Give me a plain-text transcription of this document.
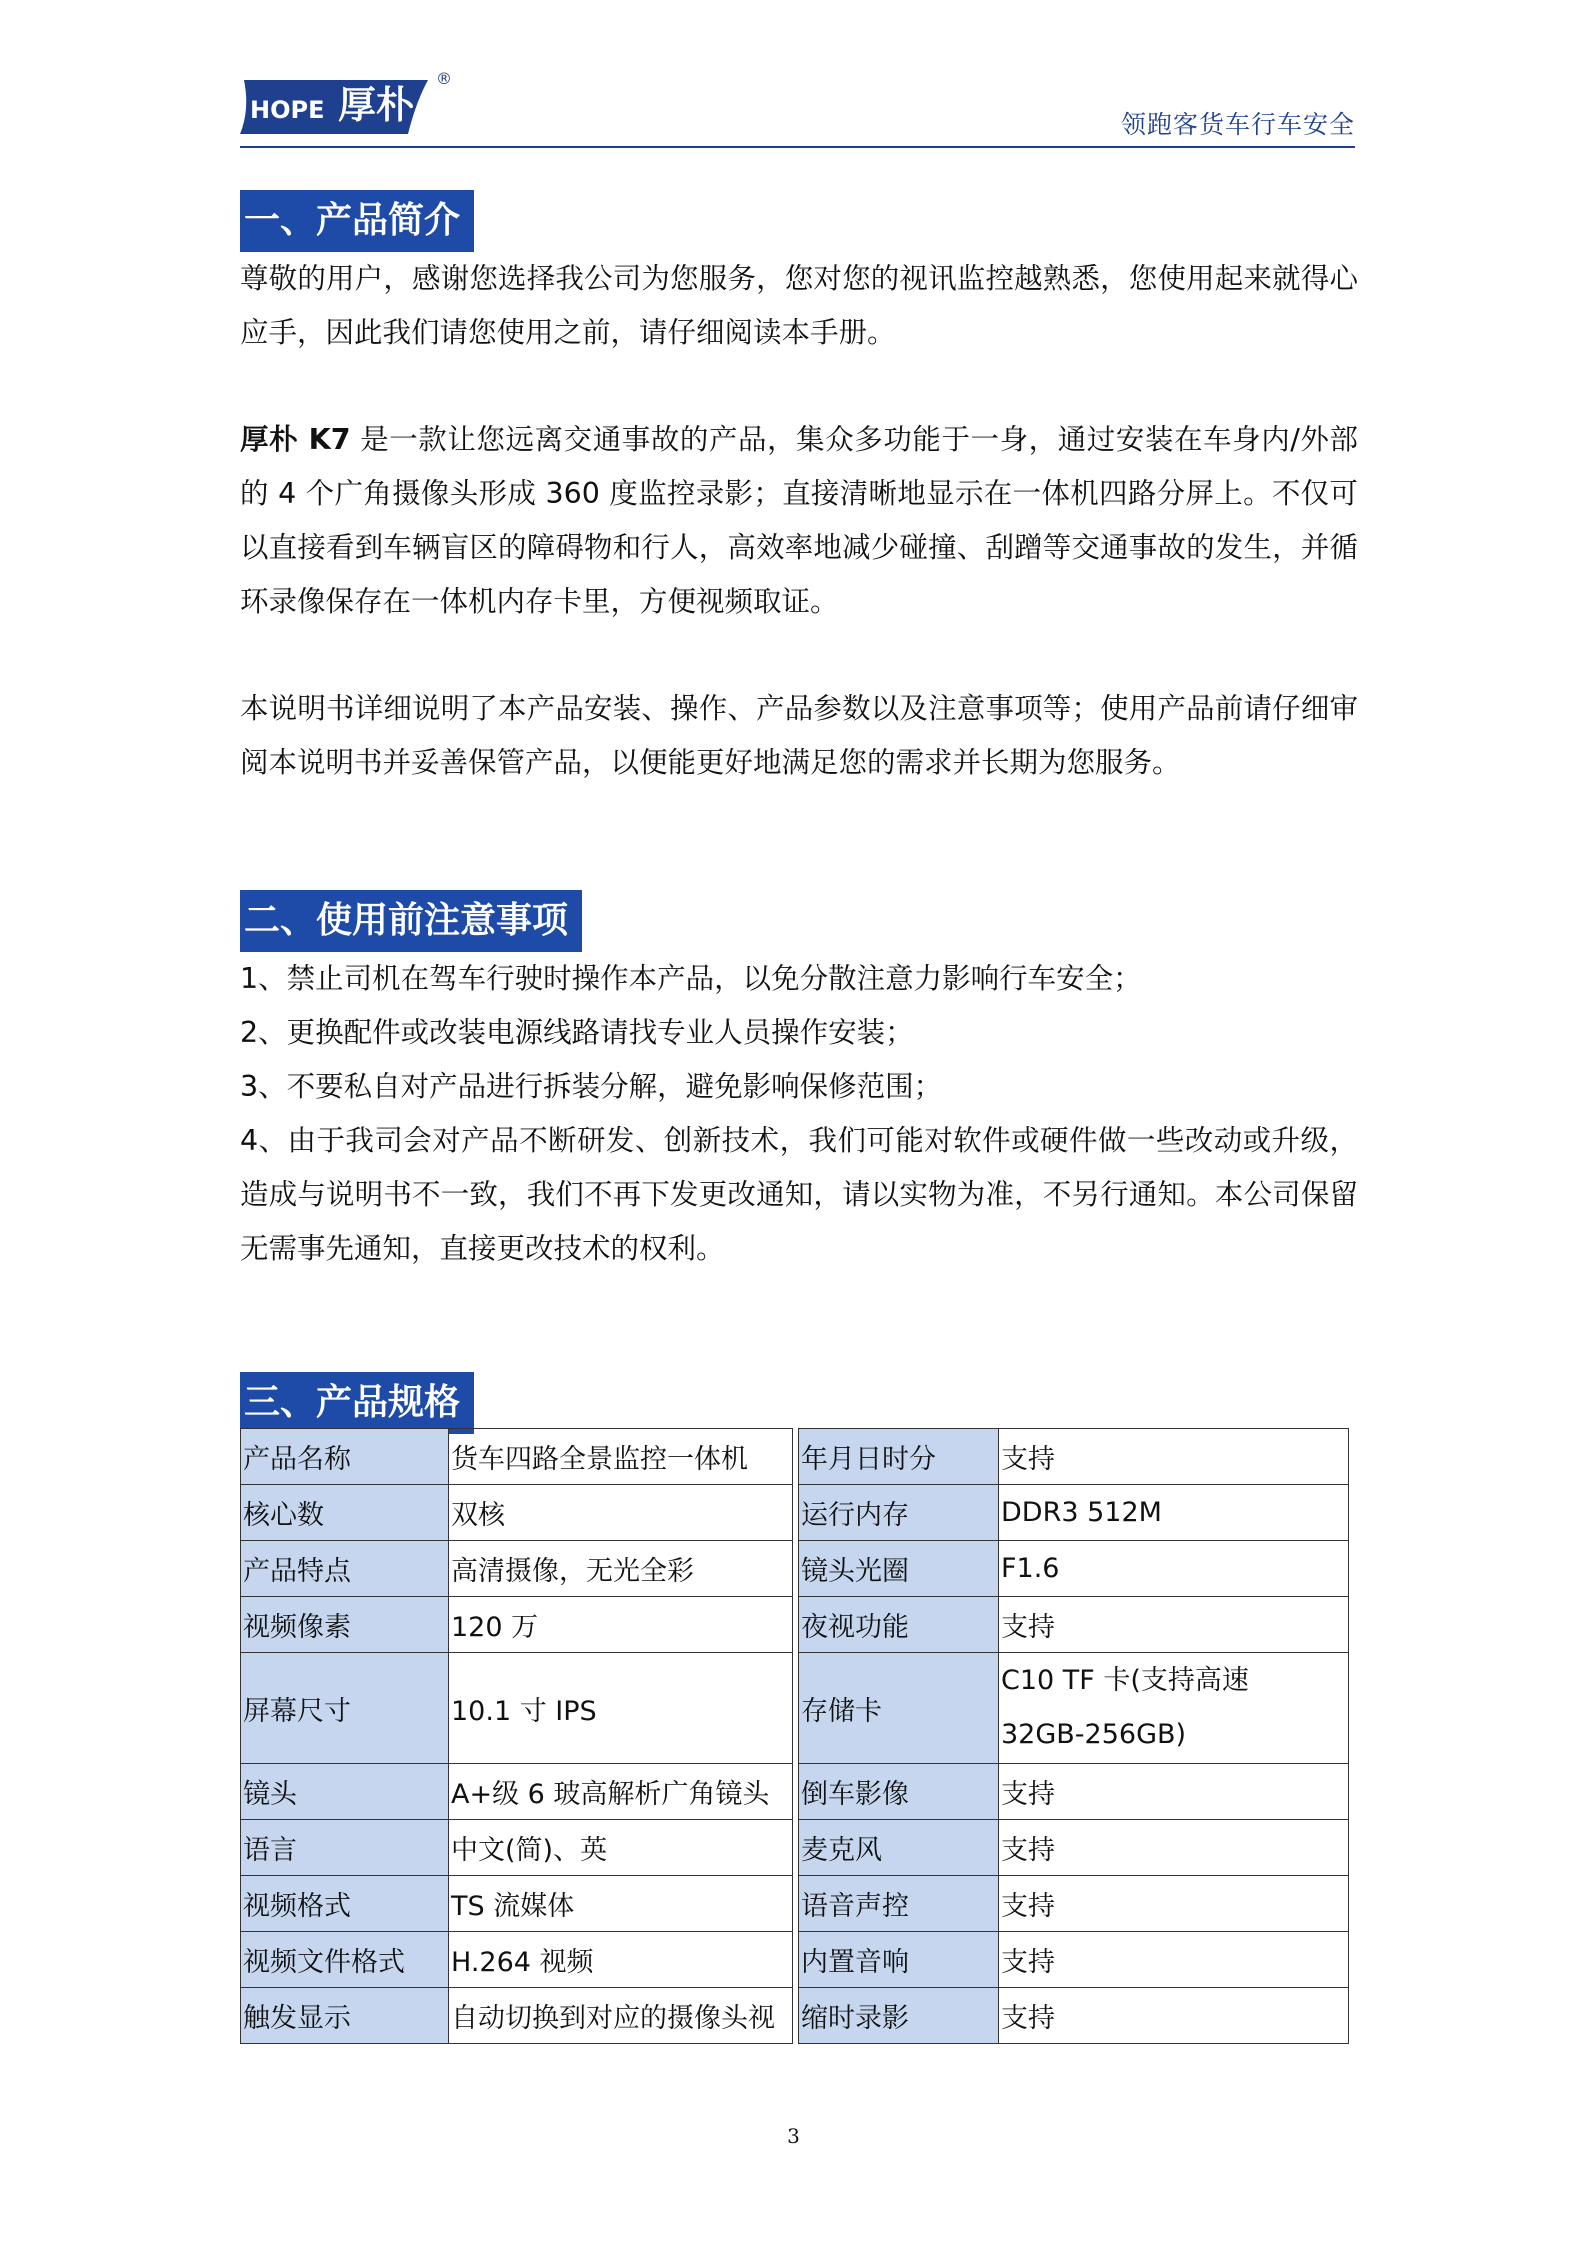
HOPE 厚朴
®
领跑客货车行车安全
一、产品简介

尊敬的用户，感谢您选择我公司为您服务，您对您的视讯监控越熟悉，您使用起来就得心应手，因此我们请您使用之前，请仔细阅读本手册。

厚朴 K7 是一款让您远离交通事故的产品，集众多功能于一身，通过安装在车身内/外部的 4 个广角摄像头形成 360 度监控录影；直接清晰地显示在一体机四路分屏上。不仅可以直接看到车辆盲区的障碍物和行人，高效率地减少碰撞、刮蹭等交通事故的发生，并循环录像保存在一体机内存卡里，方便视频取证。

本说明书详细说明了本产品安装、操作、产品参数以及注意事项等；使用产品前请仔细审阅本说明书并妥善保管产品，以便能更好地满足您的需求并长期为您服务。

二、使用前注意事项

1、禁止司机在驾车行驶时操作本产品，以免分散注意力影响行车安全；

2、更换配件或改装电源线路请找专业人员操作安装；

3、不要私自对产品进行拆装分解，避免影响保修范围；

4、由于我司会对产品不断研发、创新技术，我们可能对软件或硬件做一些改动或升级，造成与说明书不一致，我们不再下发更改通知，请以实物为准，不另行通知。本公司保留无需事先通知，直接更改技术的权利。

三、产品规格
产品名称	货车四路全景监控一体机		年月日时分	支持
核心数	双核		运行内存	DDR3 512M
产品特点	高清摄像，无光全彩		镜头光圈	F1.6
视频像素	120 万		夜视功能	支持
屏幕尺寸	10.1 寸 IPS		存储卡	C10 TF 卡(支持高速
32GB-256GB)
镜头	A+级 6 玻高解析广角镜头		倒车影像	支持
语言	中文(简)、英		麦克风	支持
视频格式	TS 流媒体		语音声控	支持
视频文件格式	H.264 视频		内置音响	支持
触发显示	自动切换到对应的摄像头视		缩时录影	支持
3
